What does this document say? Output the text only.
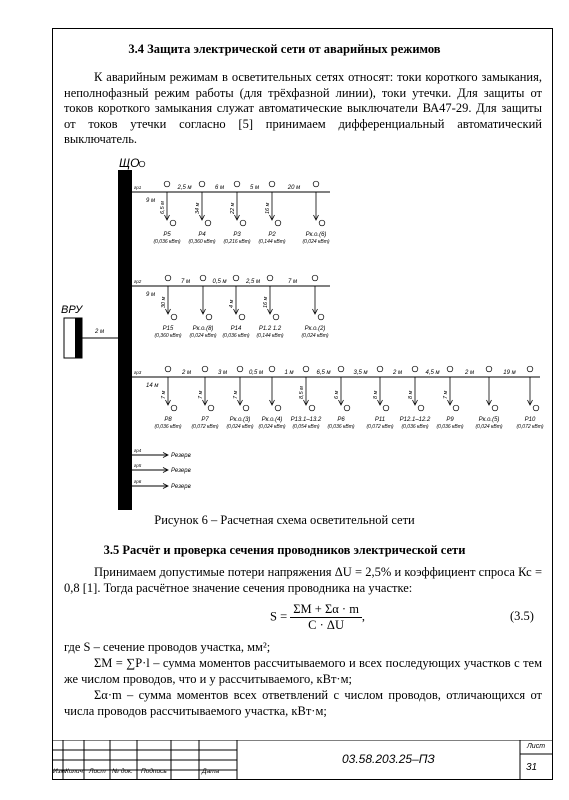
3.4 Защита электрической сети от аварийных режимов
К аварийным режимам в осветительных сетях относят: токи короткого замыкания, неполнофазный режим работы (для трёхфазной линии), токи утечки. Для защиты от токов короткого замыкания служат автоматические выключатели ВА47-29. Для защиты от токов утечки согласно [5] принимаем дифференциальный автоматический выключатель.
ЩО
ВРУ
2 м
гр1
9 м
2,5 м	6 м	5 м	20 м
6,5 м
Р5
(0,036 кВт)
34 м
Р4
(0,360 кВт)
22 м
Р3
(0,216 кВт)
16 м
Р2
(0,144 кВт)
Рк.о.(6)
(0,024 кВт)
гр2
9 м
7 м	0,5 м	2,5 м	7 м
30 м
Р15
(0,360 кВт)
Рк.о.(8)
(0,024 кВт)
4 м
Р14
(0,036 кВт)
16 м
Р1.2 1.2
(0,144 кВт)
Рк.о.(2)
(0,024 кВт)
гр3
14 м
2 м	3 м	0,5 м	1 м	6,5 м	3,5 м	2 м	4,5 м	2 м	19 м
7 м
Р8
(0,036 кВт)
7 м
Р7
(0,072 кВт)
7 м
Рк.о.(3)
(0,024 кВт)
Рк.о.(4)
(0,024 кВт)
8,5 м
Р13.1–13.2
(0,054 кВт)
6 м
Р6
(0,036 кВт)
8 м
Р11
(0,072 кВт)
8 м
Р12.1–12.2
(0,036 кВт)
7 м
Р9
(0,036 кВт)
Рк.о.(5)
(0,024 кВт)
Р10
(0,072 кВт)
гр4
Резерв
гр5
Резерв
гр6
Резерв
Рисунок 6 – Расчетная схема осветительной сети
3.5 Расчёт и проверка сечения проводников электрической сети
Принимаем допустимые потери напряжения ΔU = 2,5% и коэффициент спроса Кс = 0,8 [1]. Тогда расчётное значение сечения проводника на участке:
$S = \frac{\Sigma M + \Sigma\alpha \cdot m}{C \cdot \Delta U}$ ,	(3.5)
где S – сечение проводов участка, мм²;
ΣM = ∑P·l – сумма моментов рассчитываемого и всех последующих участков с тем же числом проводов, что и у рассчитываемого, кВт·м;
Σα·m – сумма моментов всех ответвлений с числом проводов, отличающихся от числа проводов рассчитываемого участка, кВт·м;
Изм.
Колич. Лист № док. Подпись	Дата
03.58.203.25–ПЗ
Лист
31
